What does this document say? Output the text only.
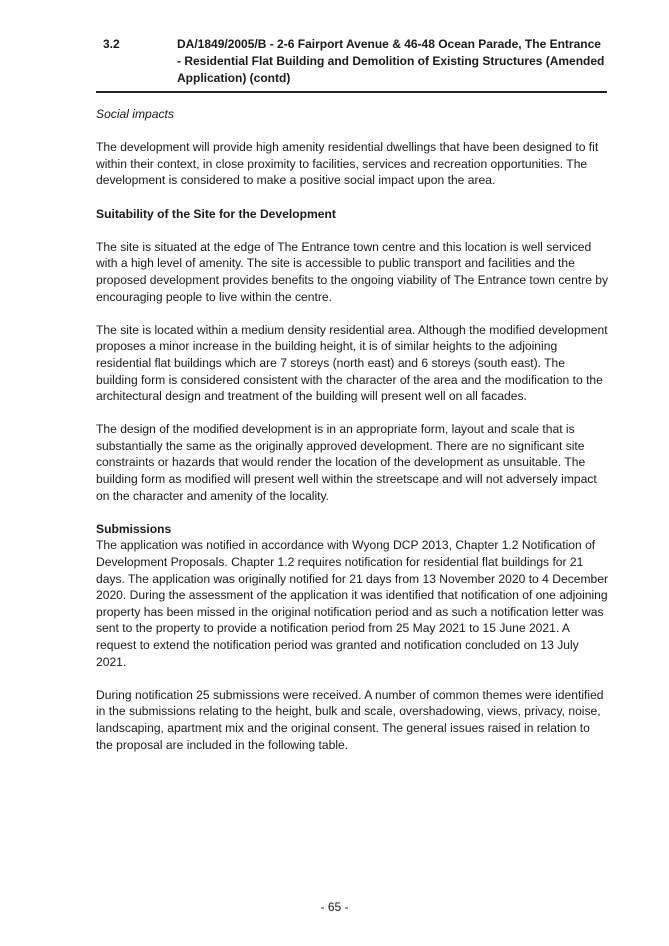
3.2	DA/1849/2005/B - 2-6 Fairport Avenue & 46-48 Ocean Parade, The Entrance - Residential Flat Building and Demolition of Existing Structures (Amended Application) (contd)

Social impacts

The development will provide high amenity residential dwellings that have been designed to fit within their context, in close proximity to facilities, services and recreation opportunities. The development is considered to make a positive social impact upon the area.

Suitability of the Site for the Development

The site is situated at the edge of The Entrance town centre and this location is well serviced with a high level of amenity. The site is accessible to public transport and facilities and the proposed development provides benefits to the ongoing viability of The Entrance town centre by encouraging people to live within the centre.

The site is located within a medium density residential area. Although the modified development proposes a minor increase in the building height, it is of similar heights to the adjoining residential flat buildings which are 7 storeys (north east) and 6 storeys (south east). The building form is considered consistent with the character of the area and the modification to the architectural design and treatment of the building will present well on all facades.

The design of the modified development is in an appropriate form, layout and scale that is substantially the same as the originally approved development. There are no significant site constraints or hazards that would render the location of the development as unsuitable. The building form as modified will present well within the streetscape and will not adversely impact on the character and amenity of the locality.

Submissions

The application was notified in accordance with Wyong DCP 2013, Chapter 1.2 Notification of Development Proposals. Chapter 1.2 requires notification for residential flat buildings for 21 days. The application was originally notified for 21 days from 13 November 2020 to 4 December 2020. During the assessment of the application it was identified that notification of one adjoining property has been missed in the original notification period and as such a notification letter was sent to the property to provide a notification period from 25 May 2021 to 15 June 2021. A request to extend the notification period was granted and notification concluded on 13 July 2021.

During notification 25 submissions were received. A number of common themes were identified in the submissions relating to the height, bulk and scale, overshadowing, views, privacy, noise, landscaping, apartment mix and the original consent. The general issues raised in relation to the proposal are included in the following table.

- 65 -
